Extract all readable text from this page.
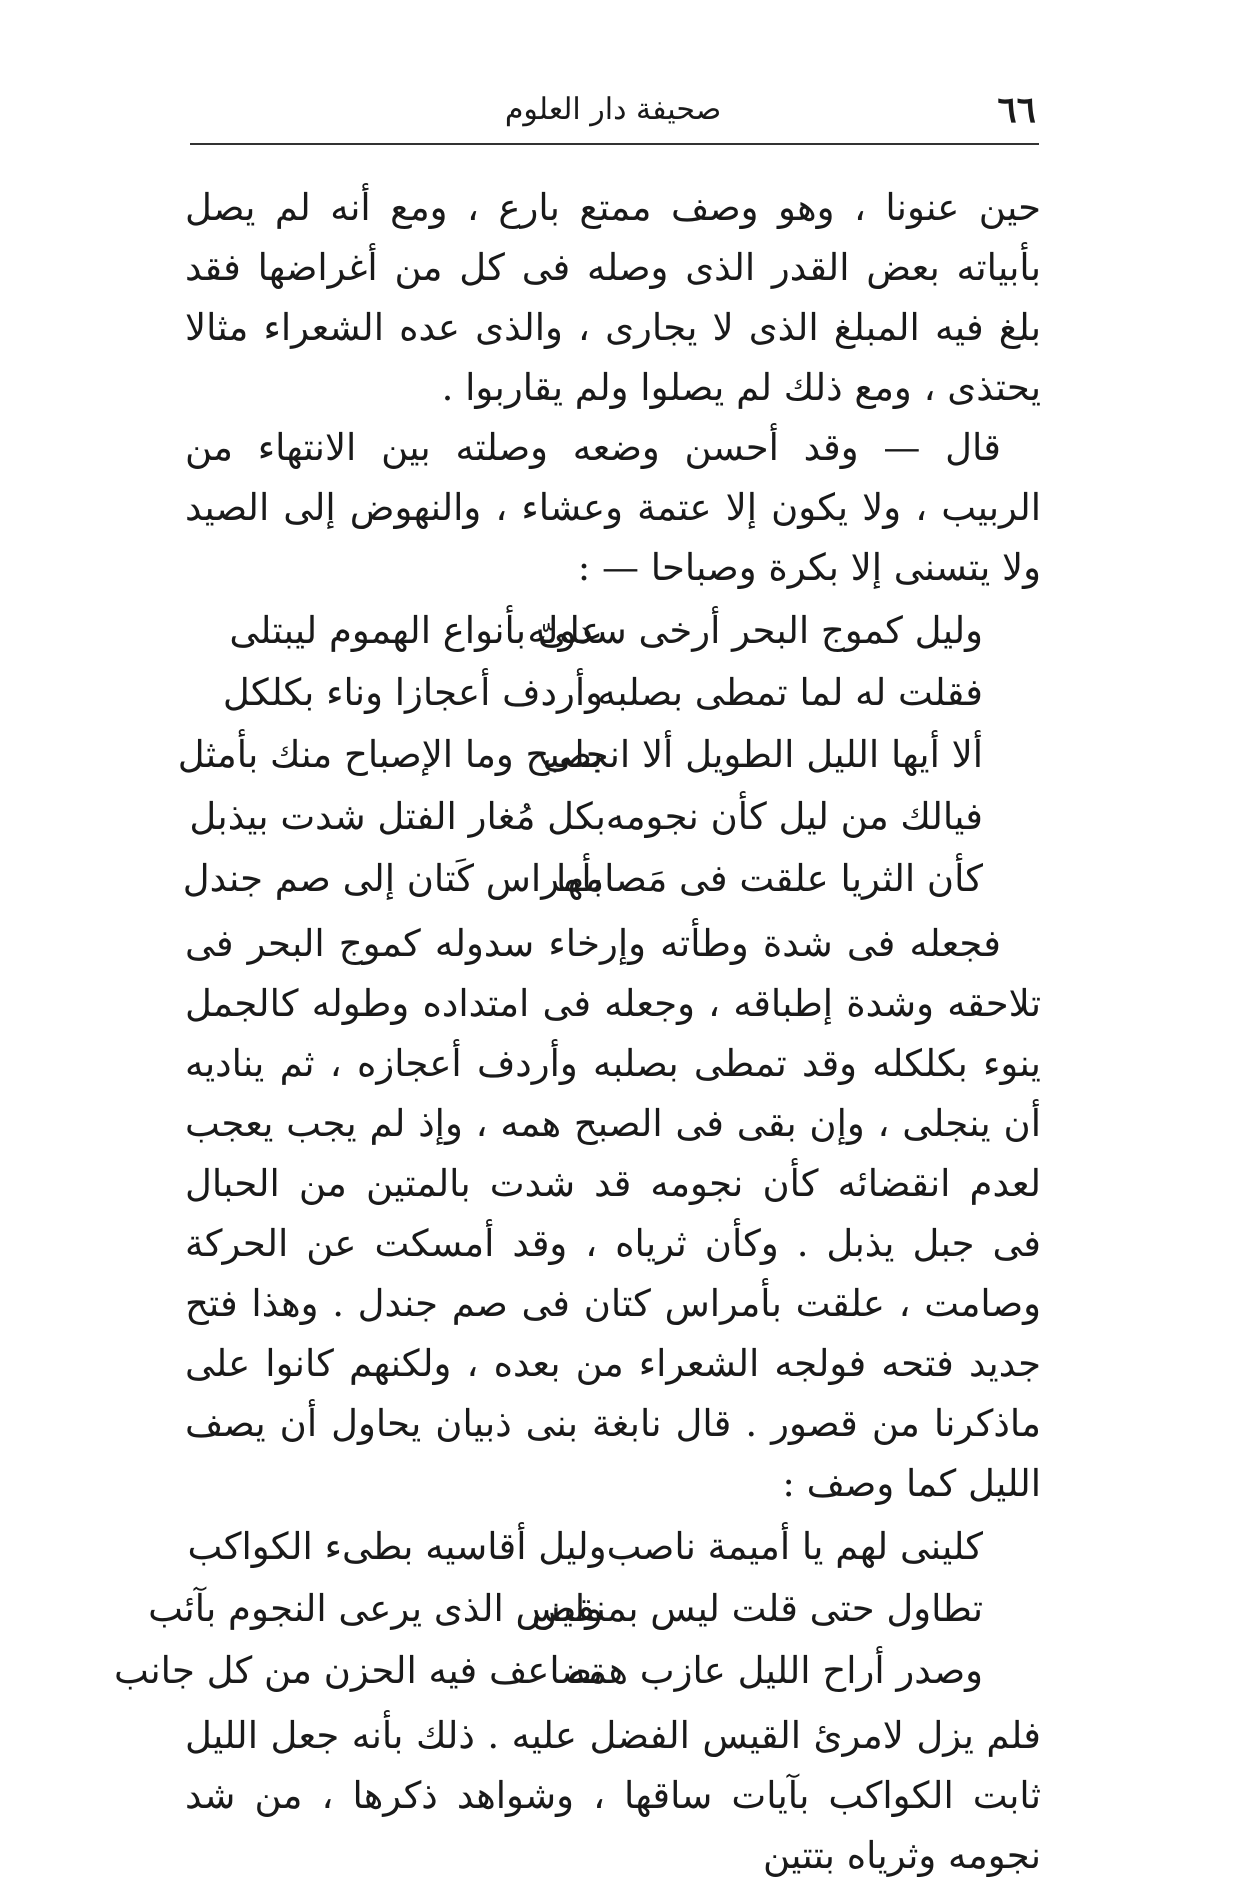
٦٦
صحيفة دار العلوم

حين عنونا ، وهو وصف ممتع بارع ، ومع أنه لم يصل بأبياته بعض القدر الذى وصله فى كل من أغراضها فقد بلغ فيه المبلغ الذى لا يجارى ، والذى عده الشعراء مثالا يحتذى ، ومع ذلك لم يصلوا ولم يقاربوا .

قال — وقد أحسن وضعه وصلته بين الانتهاء من الربيب ، ولا يكون إلا عتمة وعشاء ، والنهوض إلى الصيد ولا يتسنى إلا بكرة وصباحا — :

وليل كموج البحر أرخى سدوله
علىّ بأنواع الهموم ليبتلى
فقلت له لما تمطى بصلبه
وأردف أعجازا وناء بكلكل
ألا أيها الليل الطويل ألا انجلى
بصبح وما الإصباح منك بأمثل
فيالك من ليل كأن نجومه
بكل مُغار الفتل شدت بيذبل
كأن الثريا علقت فى مَصامها
بأمراس كَتان إلى صم جندل

فجعله فى شدة وطأته وإرخاء سدوله كموج البحر فى تلاحقه وشدة إطباقه ، وجعله فى امتداده وطوله كالجمل ينوء بكلكله وقد تمطى بصلبه وأردف أعجازه ، ثم يناديه أن ينجلى ، وإن بقى فى الصبح همه ، وإذ لم يجب يعجب لعدم انقضائه كأن نجومه قد شدت بالمتين من الحبال فى جبل يذبل . وكأن ثرياه ، وقد أمسكت عن الحركة وصامت ، علقت بأمراس كتان فى صم جندل . وهذا فتح جديد فتحه فولجه الشعراء من بعده ، ولكنهم كانوا على ماذكرنا من قصور . قال نابغة بنى ذبيان يحاول أن يصف الليل كما وصف :

كلينى لهم يا أميمة ناصب
وليل أقاسيه بطىء الكواكب
تطاول حتى قلت ليس بمنقض
وليس الذى يرعى النجوم بآئب
وصدر أراح الليل عازب همه
تضاعف فيه الحزن من كل جانب

فلم يزل لامرئ القيس الفضل عليه . ذلك بأنه جعل الليل ثابت الكواكب بآيات ساقها ، وشواهد ذكرها ، من شد نجومه وثرياه بتتين
